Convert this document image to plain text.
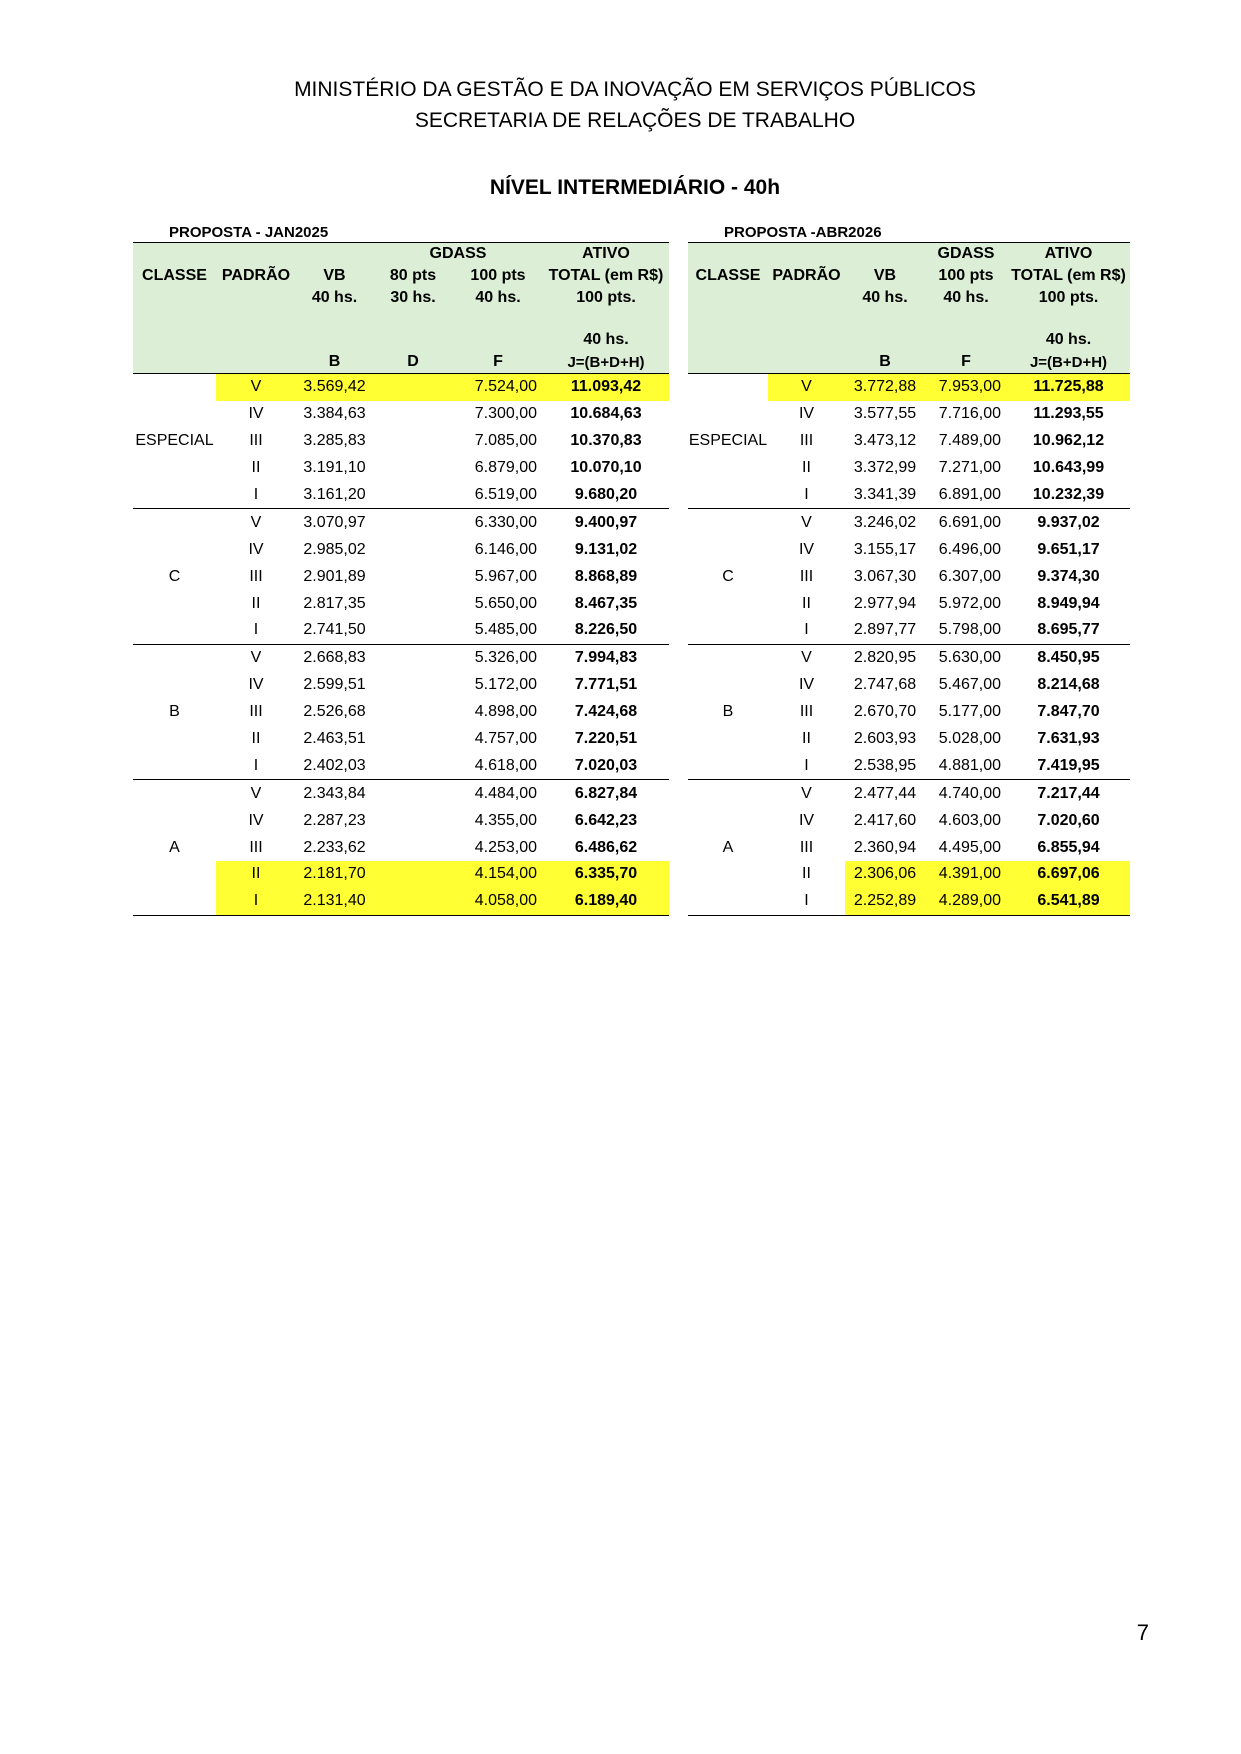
MINISTÉRIO DA GESTÃO E DA INOVAÇÃO EM SERVIÇOS PÚBLICOS
SECRETARIA DE RELAÇÕES DE TRABALHO
NÍVEL INTERMEDIÁRIO - 40h
PROPOSTA - JAN2025					
			GDASS		ATIVO
CLASSE	PADRÃO	VB	80 pts	100 pts	TOTAL (em R$)
		40 hs.	30 hs.	40 hs.	100 pts.

					40 hs.
		B	D	F	J=(B+D+H)
ESPECIAL	V	3.569,42		7.524,00	11.093,42
	IV	3.384,63		7.300,00	10.684,63
	III	3.285,83		7.085,00	10.370,83
	II	3.191,10		6.879,00	10.070,10
	I	3.161,20		6.519,00	9.680,20
C	V	3.070,97		6.330,00	9.400,97
	IV	2.985,02		6.146,00	9.131,02
	III	2.901,89		5.967,00	8.868,89
	II	2.817,35		5.650,00	8.467,35
	I	2.741,50		5.485,00	8.226,50
B	V	2.668,83		5.326,00	7.994,83
	IV	2.599,51		5.172,00	7.771,51
	III	2.526,68		4.898,00	7.424,68
	II	2.463,51		4.757,00	7.220,51
	I	2.402,03		4.618,00	7.020,03
A	V	2.343,84		4.484,00	6.827,84
	IV	2.287,23		4.355,00	6.642,23
	III	2.233,62		4.253,00	6.486,62
	II	2.181,70		4.154,00	6.335,70
	I	2.131,40		4.058,00	6.189,40
PROPOSTA -ABR2026				
			GDASS	ATIVO
CLASSE	PADRÃO	VB	100 pts	TOTAL (em R$)
		40 hs.	40 hs.	100 pts.

				40 hs.
		B	F	J=(B+D+H)
ESPECIAL	V	3.772,88	7.953,00	11.725,88
	IV	3.577,55	7.716,00	11.293,55
	III	3.473,12	7.489,00	10.962,12
	II	3.372,99	7.271,00	10.643,99
	I	3.341,39	6.891,00	10.232,39
C	V	3.246,02	6.691,00	9.937,02
	IV	3.155,17	6.496,00	9.651,17
	III	3.067,30	6.307,00	9.374,30
	II	2.977,94	5.972,00	8.949,94
	I	2.897,77	5.798,00	8.695,77
B	V	2.820,95	5.630,00	8.450,95
	IV	2.747,68	5.467,00	8.214,68
	III	2.670,70	5.177,00	7.847,70
	II	2.603,93	5.028,00	7.631,93
	I	2.538,95	4.881,00	7.419,95
A	V	2.477,44	4.740,00	7.217,44
	IV	2.417,60	4.603,00	7.020,60
	III	2.360,94	4.495,00	6.855,94
	II	2.306,06	4.391,00	6.697,06
	I	2.252,89	4.289,00	6.541,89
7
